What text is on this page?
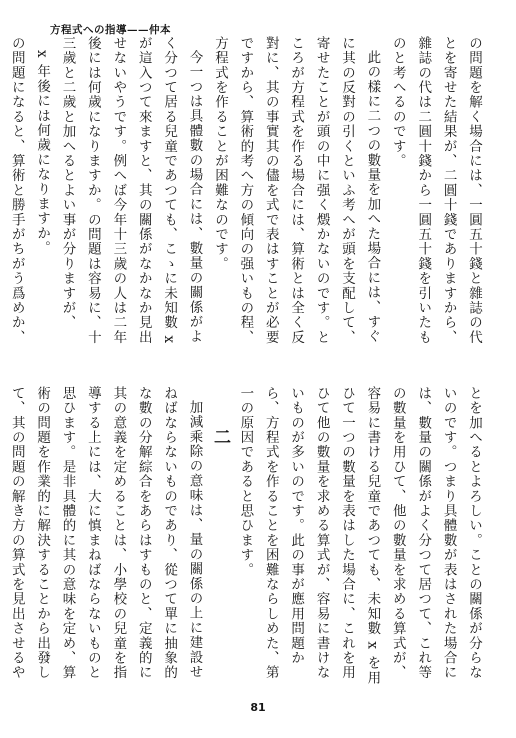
方程式への指導——仲本

の問題を解く場合には、一圓五十錢と雜誌の代とを寄せた結果が、二圓十錢でありますから、雜誌の代は二圓十錢から一圓五十錢を引いたものと考へるのです。

此の樣に二つの數量を加へた場合には、すぐに其の反對の引くといふ考へが頭を支配して、寄せたことが頭の中に强く燬かないのです。ところが方程式を作る場合には、算術とは全く反對に、其の事實其の儘を式で表はすことが必要ですから、算術的考へ方の傾向の强いもの程、方程式を作ることが困難なのです。

今一つは具體數の場合には、數量の關係がよく分つて居る兒童であつても、こゝに未知數 x が這入つて來ますと、其の關係がなかなか見出せないやうです。例へば今年十三歲の人は二年後には何歲になりますか。の問題は容易に、十三歲と二歲と加へるとよい事が分りますが、

x 年後には何歲になりますか。

の問題になると、算術と勝手がちがう爲めか、

とを加へるとよろしい。ことの關係が分らないのです。つまり具體數が表はされた場合には、數量の關係がよく分つて居つて、これ等の數量を用ひて、他の數量を求める算式が、容易に書ける兒童であつても、未知數 x を用ひて一つの數量を表はした場合に、これを用ひて他の數量を求める算式が、容易に書けないものが多いのです。此の事が應用問題から、方程式を作ることを困難ならしめた、第一の原因であると思ひます。

二

加減乘除の意味は、量の關係の上に建設せねばならないものであり、從つて單に抽象的な數の分解綜合をあらはすものと、定義的に其の意義を定めることは、小學校の兒童を指導する上には、大に慎まねばならないものと思ひます。是非具體的に其の意味を定め、算術の問題を作業的に解決することから出發して、其の問題の解き方の算式を見出させるや

81
